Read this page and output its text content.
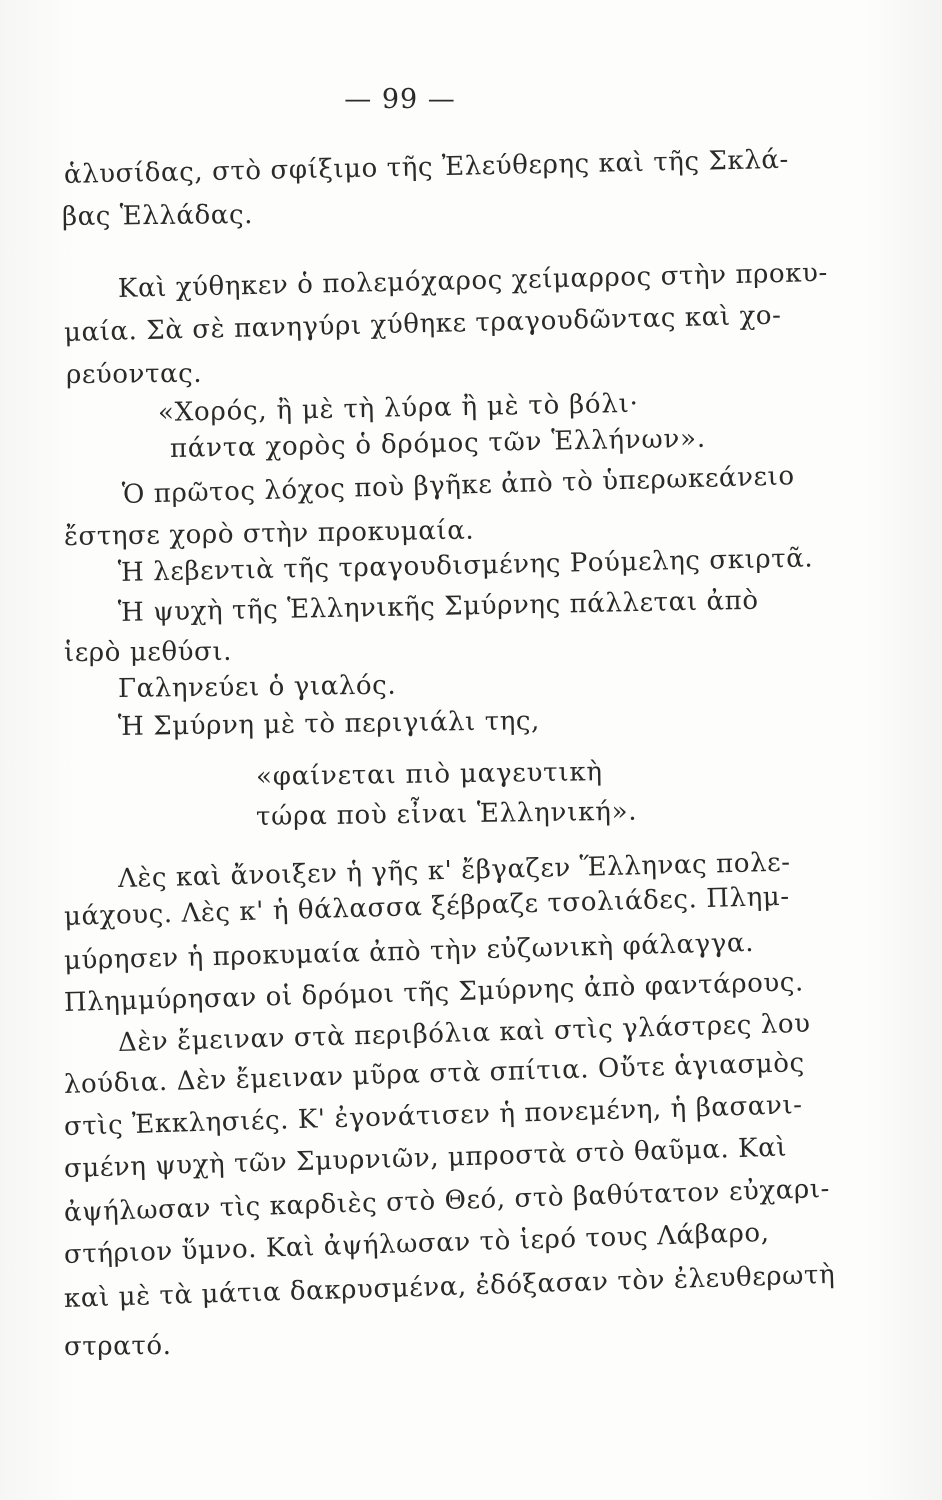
— 99 —
ἁλυσίδας, στὸ σφίξιμο τῆς Ἐλεύθερης καὶ τῆς Σκλά-
βας Ἑλλάδας.
Καὶ χύθηκεν ὁ πολεμόχαρος χείμαρρος στὴν προκυ-
μαία. Σὰ σὲ πανηγύρι χύθηκε τραγουδῶντας καὶ χο-
ρεύοντας.
«Χορός, ἢ μὲ τὴ λύρα ἢ μὲ τὸ βόλι·
πάντα χορὸς ὁ δρόμος τῶν Ἑλλήνων».
Ὁ πρῶτος λόχος ποὺ βγῆκε ἀπὸ τὸ ὑπερωκεάνειο
ἔστησε χορὸ στὴν προκυμαία.
Ἡ λεβεντιὰ τῆς τραγουδισμένης Ρούμελης σκιρτᾶ.
Ἡ ψυχὴ τῆς Ἑλληνικῆς Σμύρνης πάλλεται ἀπὸ
ἱερὸ μεθύσι.
Γαληνεύει ὁ γιαλός.
Ἡ Σμύρνη μὲ τὸ περιγιάλι της,
«φαίνεται πιὸ μαγευτικὴ
τώρα ποὺ εἶναι Ἑλληνική».
Λὲς καὶ ἄνοιξεν ἡ γῆς κ' ἔβγαζεν Ἕλληνας πολε-
μάχους. Λὲς κ' ἡ θάλασσα ξέβραζε τσολιάδες. Πλημ-
μύρησεν ἡ προκυμαία ἀπὸ τὴν εὐζωνικὴ φάλαγγα.
Πλημμύρησαν οἱ δρόμοι τῆς Σμύρνης ἀπὸ φαντάρους.
Δὲν ἔμειναν στὰ περιβόλια καὶ στὶς γλάστρες λου
λούδια. Δὲν ἔμειναν μῦρα στὰ σπίτια. Οὔτε ἁγιασμὸς
στὶς Ἐκκλησιές. Κ' ἐγονάτισεν ἡ πονεμένη, ἡ βασανι-
σμένη ψυχὴ τῶν Σμυρνιῶν, μπροστὰ στὸ θαῦμα. Καὶ
ἀψήλωσαν τὶς καρδιὲς στὸ Θεό, στὸ βαθύτατον εὐχαρι-
στήριον ὕμνο. Καὶ ἀψήλωσαν τὸ ἱερό τους Λάβαρο,
καὶ μὲ τὰ μάτια δακρυσμένα, ἐδόξασαν τὸν ἐλευθερωτὴ
στρατό.
